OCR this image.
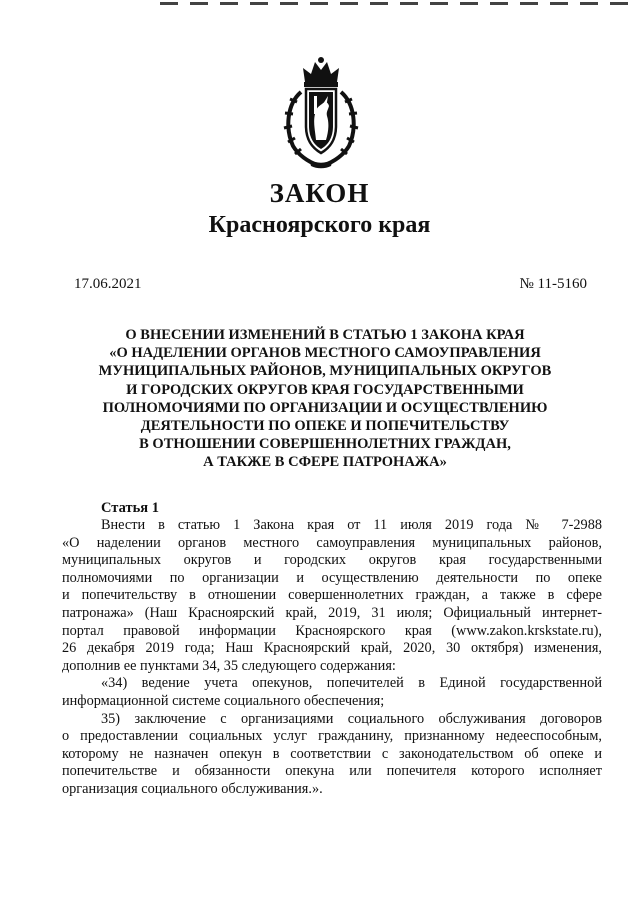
ЗАКОН
Красноярского края
17.06.2021	№ 11-5160
О ВНЕСЕНИИ ИЗМЕНЕНИЙ В СТАТЬЮ 1 ЗАКОНА КРАЯ
«О НАДЕЛЕНИИ ОРГАНОВ МЕСТНОГО САМОУПРАВЛЕНИЯ
МУНИЦИПАЛЬНЫХ РАЙОНОВ, МУНИЦИПАЛЬНЫХ ОКРУГОВ
И ГОРОДСКИХ ОКРУГОВ КРАЯ ГОСУДАРСТВЕННЫМИ
ПОЛНОМОЧИЯМИ ПО ОРГАНИЗАЦИИ И ОСУЩЕСТВЛЕНИЮ
ДЕЯТЕЛЬНОСТИ ПО ОПЕКЕ И ПОПЕЧИТЕЛЬСТВУ
В ОТНОШЕНИИ СОВЕРШЕННОЛЕТНИХ ГРАЖДАН,
А ТАКЖЕ В СФЕРЕ ПАТРОНАЖА»
Статья 1
Внести в статью 1 Закона края от 11 июля 2019 года № 7-2988
«О наделении органов местного самоуправления муниципальных районов,
муниципальных округов и городских округов края государственными
полномочиями по организации и осуществлению деятельности по опеке
и попечительству в отношении совершеннолетних граждан, а также в сфере
патронажа» (Наш Красноярский край, 2019, 31 июля; Официальный интернет-
портал правовой информации Красноярского края (www.zakon.krskstate.ru),
26 декабря 2019 года; Наш Красноярский край, 2020, 30 октября) изменения,
дополнив ее пунктами 34, 35 следующего содержания:
«34) ведение учета опекунов, попечителей в Единой государственной
информационной системе социального обеспечения;
35) заключение с организациями социального обслуживания договоров
о предоставлении социальных услуг гражданину, признанному недееспособным,
которому не назначен опекун в соответствии с законодательством об опеке и
попечительстве и обязанности опекуна или попечителя которого исполняет
организация социального обслуживания.».
